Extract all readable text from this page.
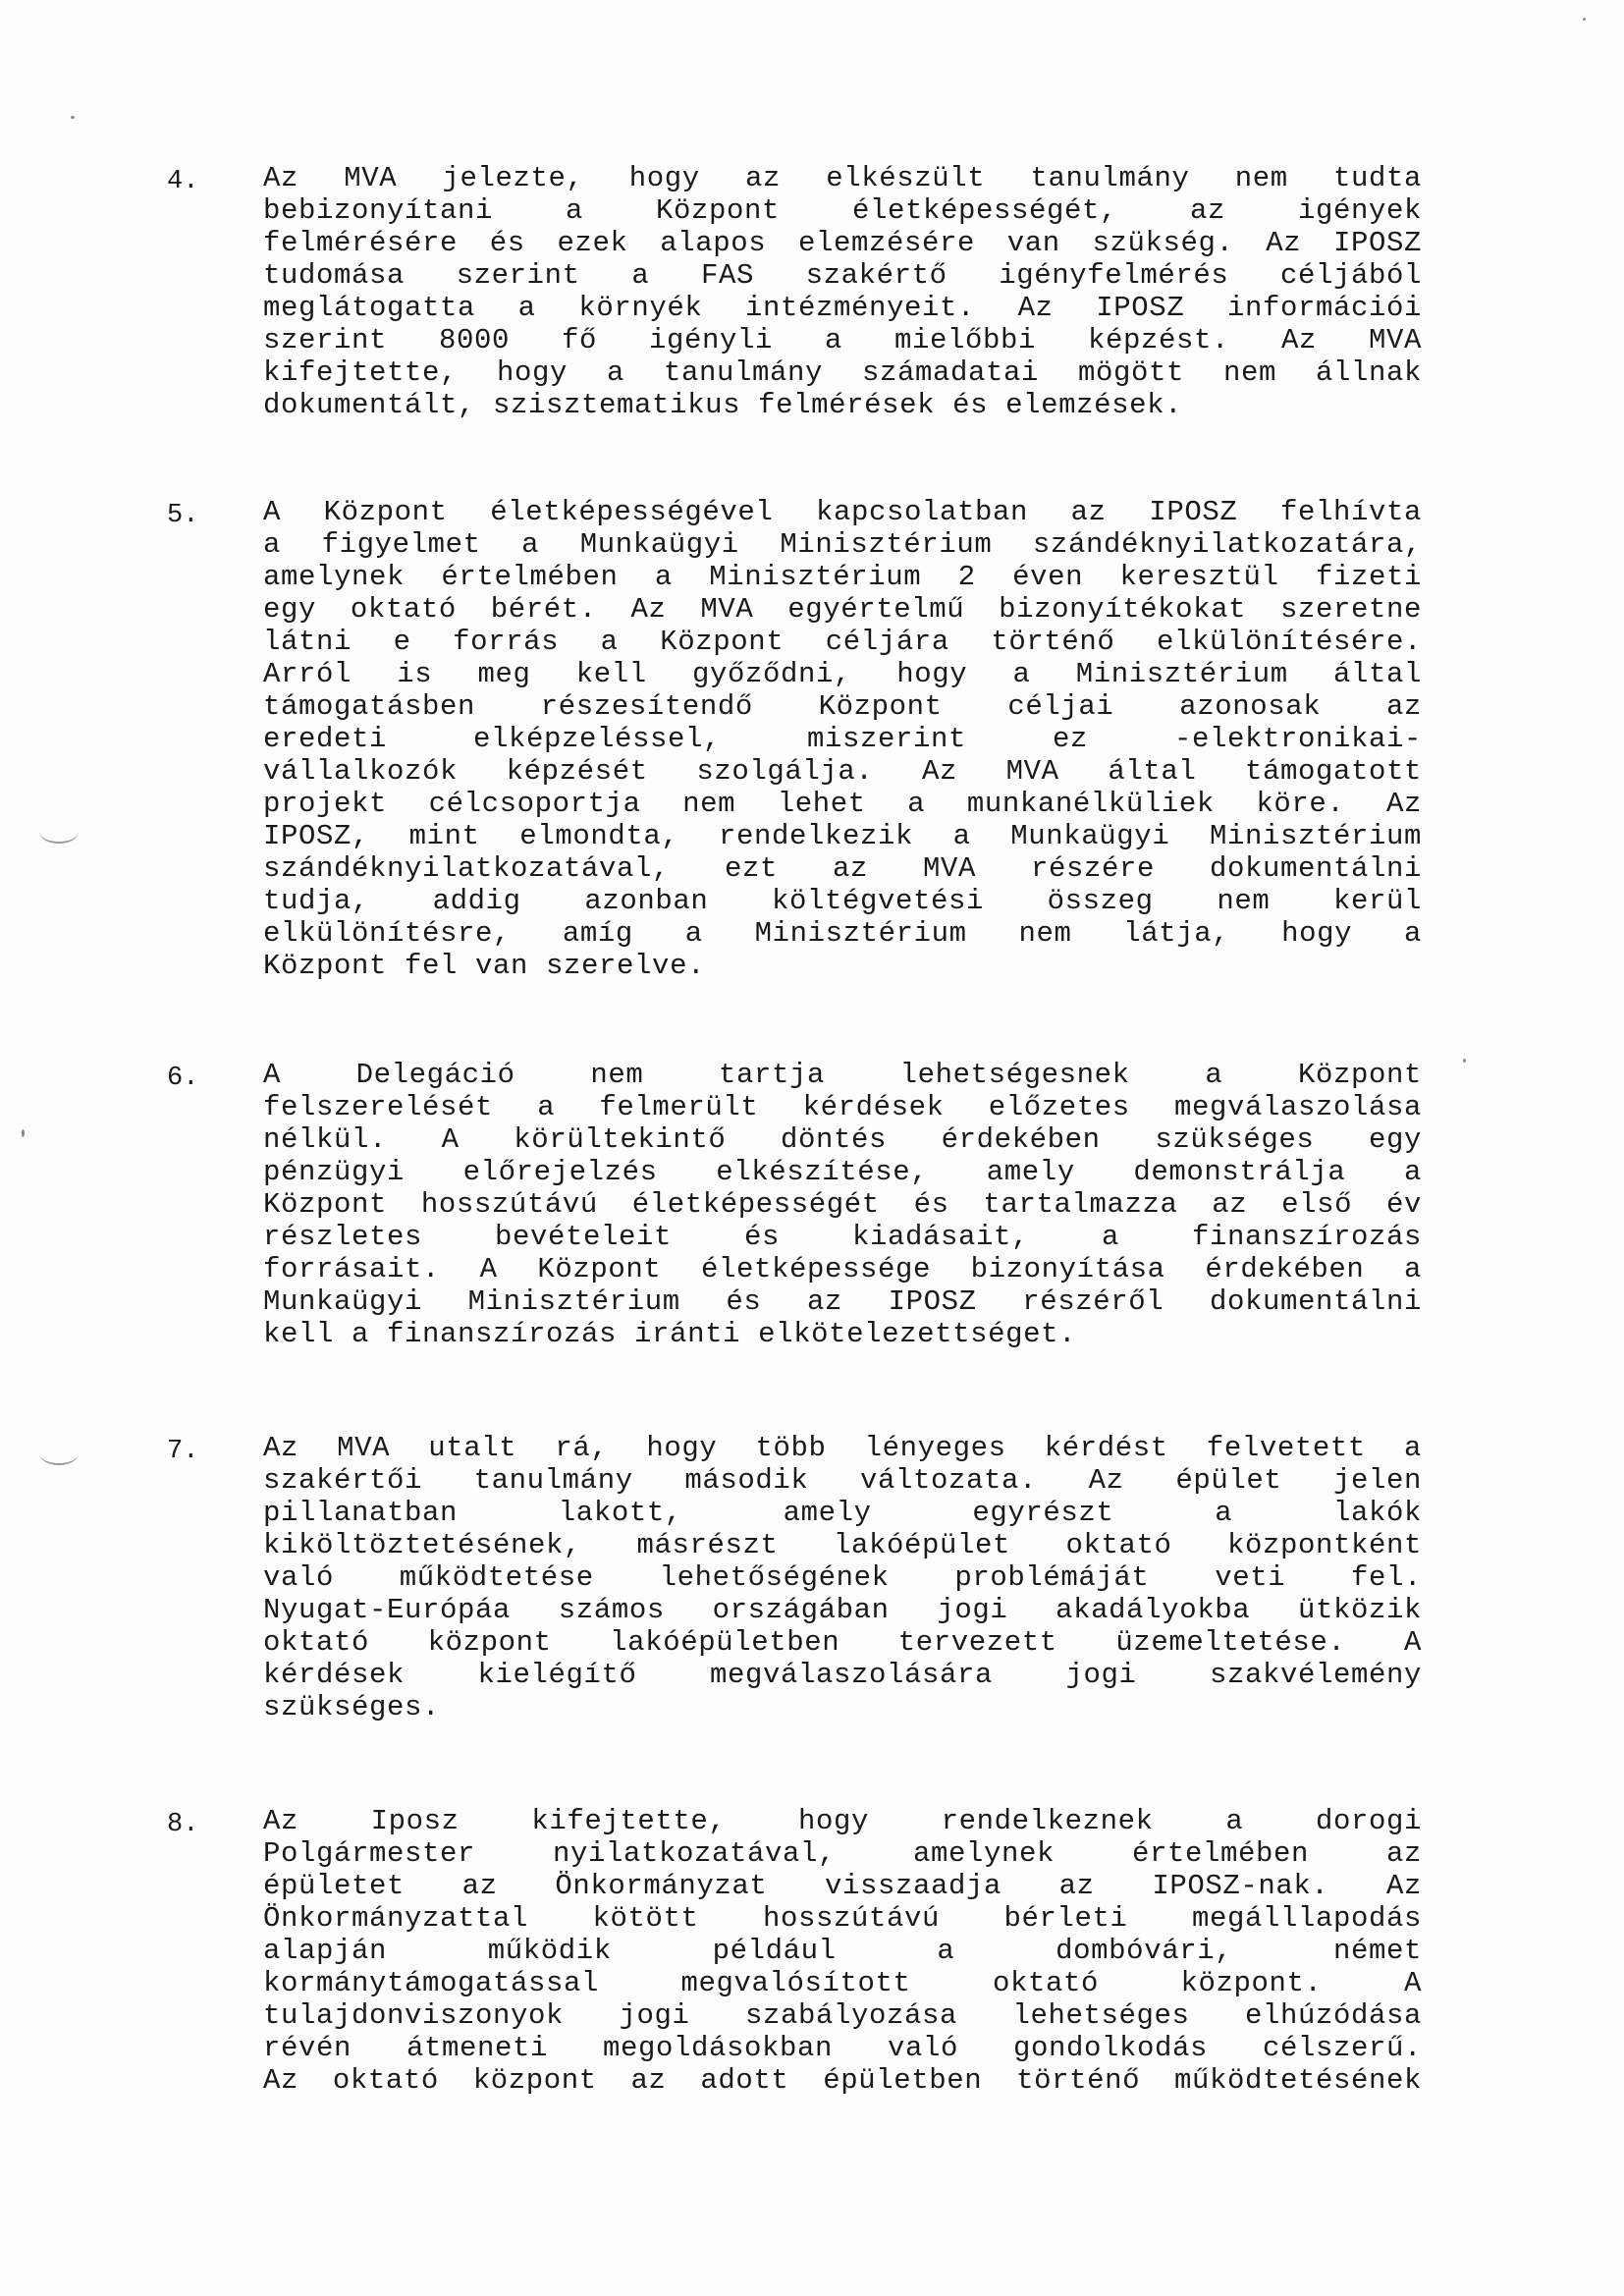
4.	Az MVA jelezte, hogy az elkészült tanulmány nem tudta
bebizonyítani a Központ életképességét, az igények
felmérésére és ezek alapos elemzésére van szükség. Az IPOSZ
tudomása szerint a FAS szakértő igényfelmérés céljából
meglátogatta a környék intézményeit. Az IPOSZ információi
szerint 8000 fő igényli a mielőbbi képzést. Az MVA
kifejtette, hogy a tanulmány számadatai mögött nem állnak
dokumentált, szisztematikus felmérések és elemzések.
5.	A Központ életképességével kapcsolatban az IPOSZ felhívta
a figyelmet a Munkaügyi Minisztérium szándéknyilatkozatára,
amelynek értelmében a Minisztérium 2 éven keresztül fizeti
egy oktató bérét. Az MVA egyértelmű bizonyítékokat szeretne
látni e forrás a Központ céljára történő elkülönítésére.
Arról is meg kell győződni, hogy a Minisztérium által
támogatásben részesítendő Központ céljai azonosak az
eredeti elképzeléssel, miszerint ez -elektronikai-
vállalkozók képzését szolgálja. Az MVA által támogatott
projekt célcsoportja nem lehet a munkanélküliek köre. Az
IPOSZ, mint elmondta, rendelkezik a Munkaügyi Minisztérium
szándéknyilatkozatával, ezt az MVA részére dokumentálni
tudja, addig azonban költégvetési összeg nem kerül
elkülönítésre, amíg a Minisztérium nem látja, hogy a
Központ fel van szerelve.
6.	A Delegáció nem tartja lehetségesnek a Központ
felszerelését a felmerült kérdések előzetes megválaszolása
nélkül. A körültekintő döntés érdekében szükséges egy
pénzügyi előrejelzés elkészítése, amely demonstrálja a
Központ hosszútávú életképességét és tartalmazza az első év
részletes bevételeit és kiadásait, a finanszírozás
forrásait. A Központ életképessége bizonyítása érdekében a
Munkaügyi Minisztérium és az IPOSZ részéről dokumentálni
kell a finanszírozás iránti elkötelezettséget.
7.	Az MVA utalt rá, hogy több lényeges kérdést felvetett a
szakértői tanulmány második változata. Az épület jelen
pillanatban lakott, amely egyrészt a lakók
kiköltöztetésének, másrészt lakóépület oktató központként
való működtetése lehetőségének problémáját veti fel.
Nyugat-Európáa számos országában jogi akadályokba ütközik
oktató központ lakóépületben tervezett üzemeltetése. A
kérdések kielégítő megválaszolására jogi szakvélemény
szükséges.
8.	Az Iposz kifejtette, hogy rendelkeznek a dorogi
Polgármester nyilatkozatával, amelynek értelmében az
épületet az Önkormányzat visszaadja az IPOSZ-nak. Az
Önkormányzattal kötött hosszútávú bérleti megálllapodás
alapján működik például a dombóvári, német
kormánytámogatással megvalósított oktató központ. A
tulajdonviszonyok jogi szabályozása lehetséges elhúzódása
révén átmeneti megoldásokban való gondolkodás célszerű.
Az oktató központ az adott épületben történő működtetésének
